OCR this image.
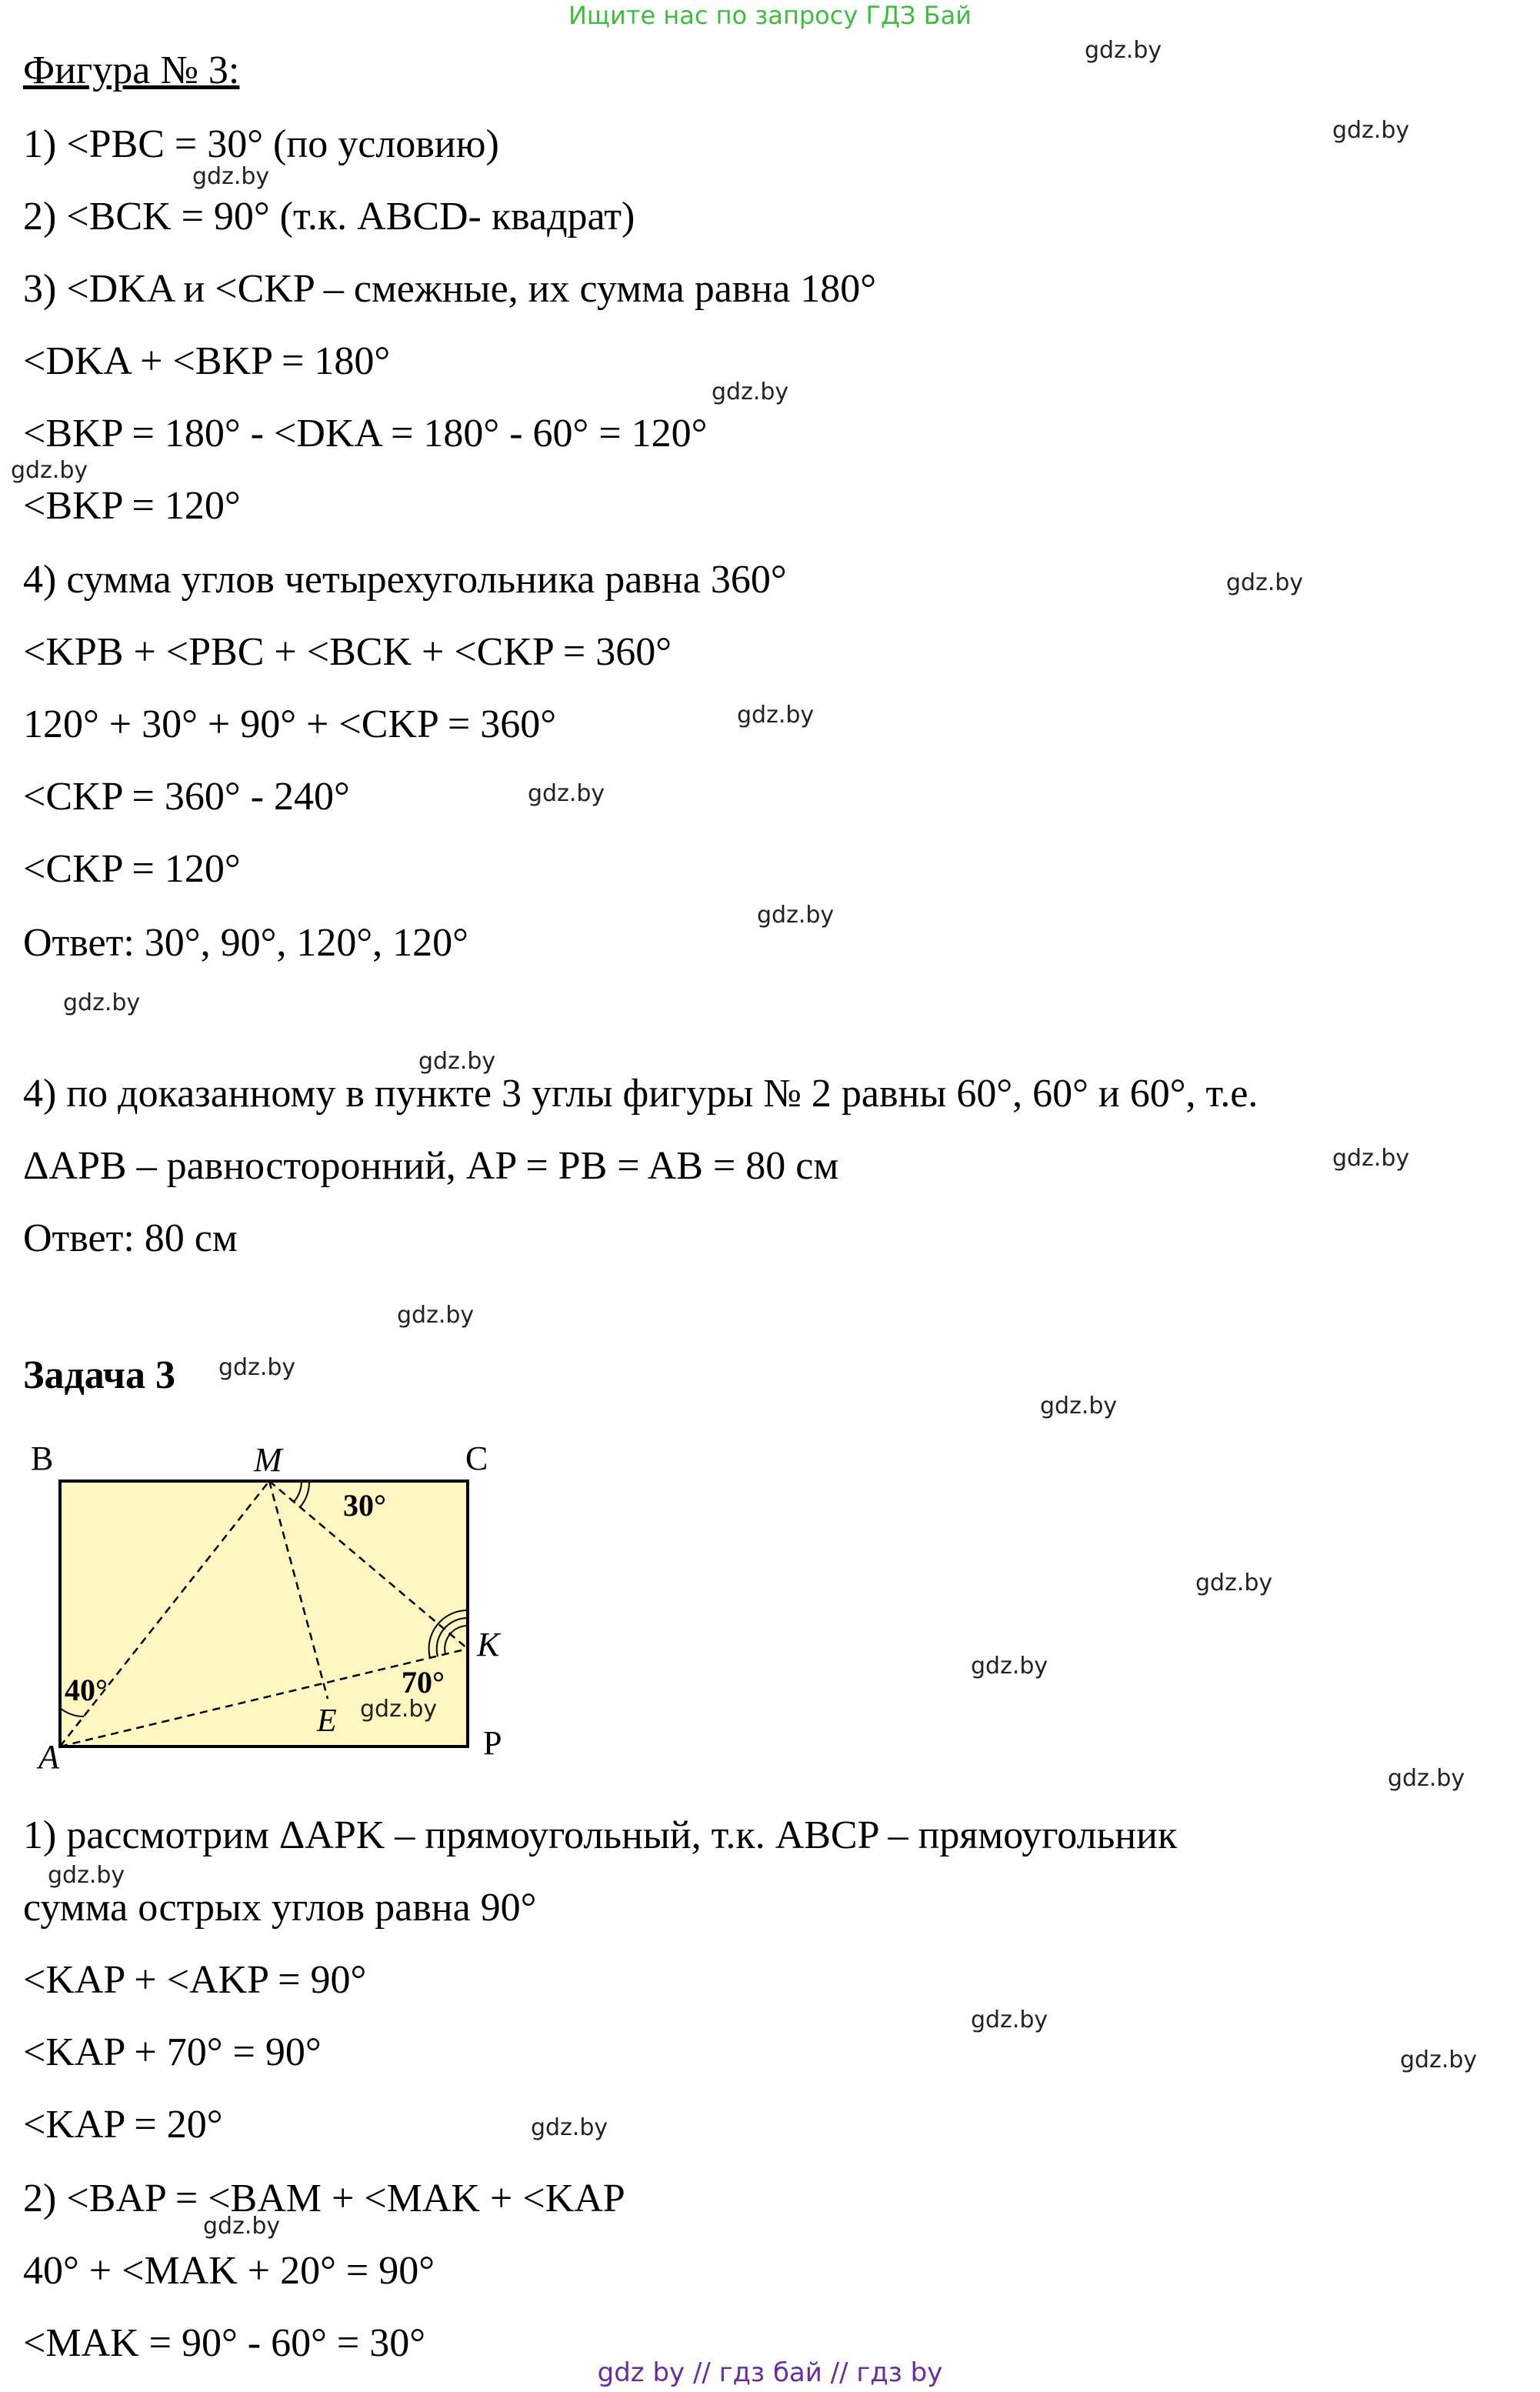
Ищите нас по запросу ГДЗ Бай
Фигура № 3:
1) <PBC = 30° (по условию)
2) <BCK = 90° (т.к. ABCD- квадрат)
3) <DKA и <CKP – смежные, их сумма равна 180°
<DKA + <BKP = 180°
<BKP = 180° - <DKA = 180° - 60° = 120°
<BKP = 120°
4) сумма углов четырехугольника равна 360°
<KPB + <PBC + <BCK + <CKP = 360°
120° + 30° + 90° + <CKP = 360°
<CKP = 360° - 240°
<CKP = 120°
Ответ: 30°, 90°, 120°, 120°
4) по доказанному в пункте 3 углы фигуры № 2 равны 60°, 60° и 60°, т.е.
ΔAPB – равносторонний, AP = PB = AB = 80 см
Ответ: 80 см
Задача 3
B	M	C
K
E
A	P
30°
40°	70°
1) рассмотрим ΔAPK – прямоугольный, т.к. ABCP – прямоугольник
сумма острых углов равна 90°
<KAP + <AKP = 90°
<KAP + 70° = 90°
<KAP = 20°
2) <BAP = <BAM + <MAK + <KAP
40° + <MAK + 20° = 90°
<MAK = 90° - 60° = 30°
gdz.by
gdz.by
gdz.by
gdz.by
gdz.by
gdz.by
gdz.by
gdz.by
gdz.by
gdz.by
gdz.by
gdz.by
gdz.by
gdz.by
gdz.by
gdz.by
gdz.by
gdz.by
gdz.by
gdz.by
gdz.by
gdz.by
gdz.by
gdz.by
gdz by // гдз бай // гдз by
